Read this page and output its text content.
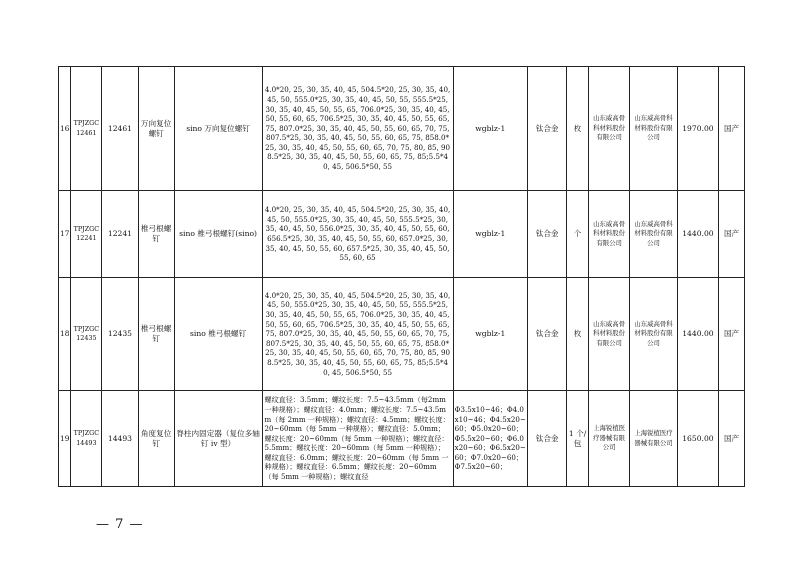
16	TPJZGC12461	12461	万向复位螺钉	sino 万向复位螺钉	4.0*20, 25, 30, 35, 40, 45, 504.5*20, 25, 30, 35, 40, 45, 50, 555.0*25, 30, 35, 40, 45, 50, 55, 555.5*25, 30, 35, 40, 45, 50, 55, 65, 706.0*25, 30, 35, 40, 45, 50, 55, 60, 65, 706.5*25, 30, 35, 40, 45, 50, 55, 65, 75, 807.0*25, 30, 35, 40, 45, 50, 55, 60, 65, 70, 75, 807.5*25, 30, 35, 40, 45, 50, 55, 60, 65, 75, 858.0*25, 30, 35, 40, 45, 50, 55, 60, 65, 70, 75, 80, 85, 908.5*25, 30, 35, 40, 45, 50, 55, 60, 65, 75, 85;5.5*40, 45, 506.5*50, 55	wgblz-1	钛合金	枚	山东威高骨科材料股份有限公司	山东威高骨科材料股份有限公司	1970.00	国产
17	TPJZGC12241	12241	椎弓根螺钉	sino 椎弓根螺钉(sino)	4.0*20, 25, 30, 35, 40, 45, 504.5*20, 25, 30, 35, 40, 45, 50, 555.0*25, 30, 35, 40, 45, 50, 555.5*25, 30, 35, 40, 45, 50, 556.0*25, 30, 35, 40, 45, 50, 55, 60, 656.5*25, 30, 35, 40, 45, 50, 55, 60, 657.0*25, 30, 35, 40, 45, 50, 55, 60, 657.5*25, 30, 35, 40, 45, 50, 55, 60, 65	wgblz-1	钛合金	个	山东威高骨科材料股份有限公司	山东威高骨科材料股份有限公司	1440.00	国产
18	TPJZGC12435	12435	椎弓根螺钉	sino 椎弓根螺钉	4.0*20, 25, 30, 35, 40, 45, 504.5*20, 25, 30, 35, 40, 45, 50, 555.0*25, 30, 35, 40, 45, 50, 55, 555.5*25, 30, 35, 40, 45, 50, 55, 65, 706.0*25, 30, 35, 40, 45, 50, 55, 60, 65, 706.5*25, 30, 35, 40, 45, 50, 55, 65, 75, 807.0*25, 30, 35, 40, 45, 50, 55, 60, 65, 70, 75, 807.5*25, 30, 35, 40, 45, 50, 55, 60, 65, 75, 858.0*25, 30, 35, 40, 45, 50, 55, 60, 65, 70, 75, 80, 85, 908.5*25, 30, 35, 40, 45, 50, 55, 60, 65, 75, 85;5.5*40, 45, 506.5*50, 55	wgblz-1	钛合金	枚	山东威高骨科材料股份有限公司	山东威高骨科材料股份有限公司	1440.00	国产
19	TPJZGC14493	14493	角度复位钉	脊柱内固定器（复位多轴钉 iv 型）	螺纹直径：3.5mm；螺纹长度：7.5~43.5mm（每2mm 一种规格）；螺纹直径：4.0mm；螺纹长度：7.5~43.5mm（每 2mm 一种规格）；螺纹直径：4.5mm；螺纹长度：20~60mm（每 5mm 一种规格）；螺纹直径：5.0mm；螺纹长度：20~60mm（每 5mm 一种规格）；螺纹直径：5.5mm；螺纹长度：20~60mm（每 5mm 一种规格）；螺纹直径：6.0mm；螺纹长度：20~60mm（每 5mm 一种规格）；螺纹直径：6.5mm；螺纹长度：20~60mm（每 5mm 一种规格）；螺纹直径	Φ3.5x10~46；Φ4.0x10~46；Φ4.5x20~60；Φ5.0x20~60；Φ5.5x20~60；Φ6.0x20~60；Φ6.5x20~60；Φ7.0x20~60；Φ7.5x20~60；	钛合金	1 个/包	上海锐植医疗器械有限公司	上海锐植医疗器械有限公司	1650.00	国产
— 7 —
